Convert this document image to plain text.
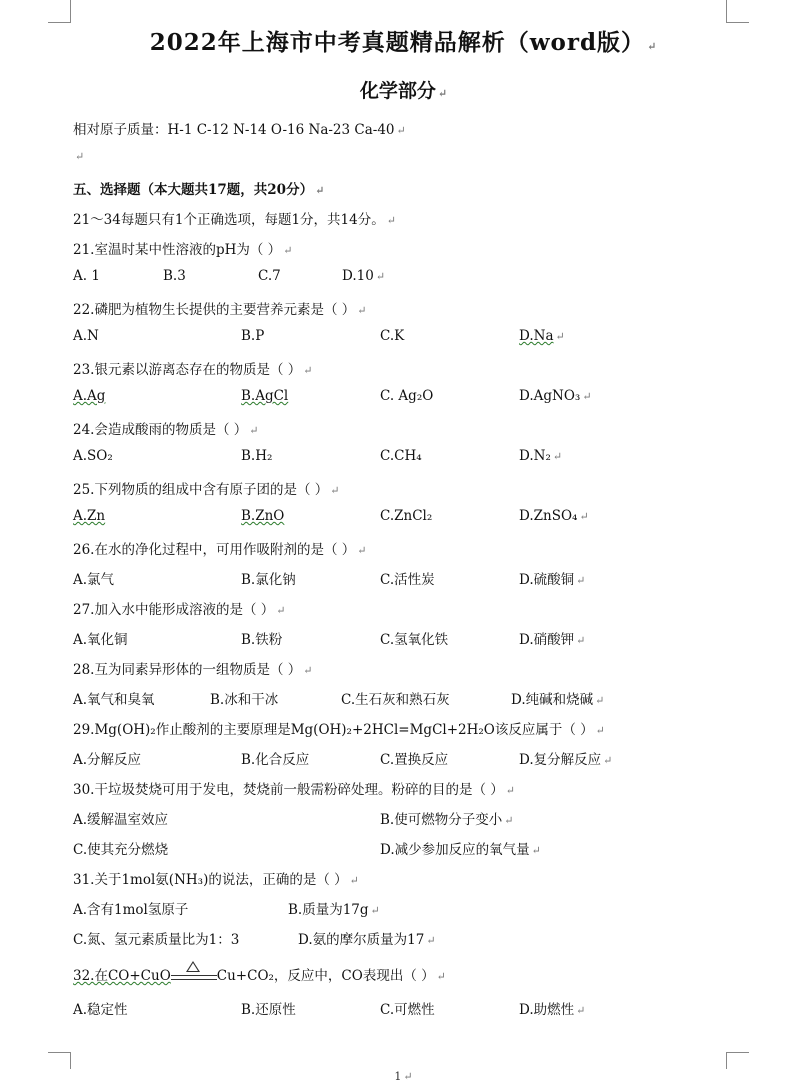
2022年上海市中考真题精品解析（word版） ↵
化学部分 ↵
相对原子质量：H-1 C-12 N-14 O-16 Na-23 Ca-40 ↵
↵
五、选择题（本大题共17题，共20分） ↵
21～34每题只有1个正确选项，每题1分，共14分。 ↵
21.室温时某中性溶液的pH为（ ） ↵
A. 1	B.3	C.7	D.10 ↵
22.磷肥为植物生长提供的主要营养元素是（ ） ↵
A.N	B.P	C.K	D.Na ↵
23.银元素以游离态存在的物质是（ ） ↵
A.Ag	B.AgCl	C. Ag₂O	D.AgNO₃ ↵
24.会造成酸雨的物质是（ ） ↵
A.SO₂	B.H₂	C.CH₄	D.N₂ ↵
25.下列物质的组成中含有原子团的是（ ） ↵
A.Zn	B.ZnO	C.ZnCl₂	D.ZnSO₄ ↵
26.在水的净化过程中，可用作吸附剂的是（ ） ↵
A.氯气	B.氯化钠	C.活性炭	D.硫酸铜 ↵
27.加入水中能形成溶液的是（ ） ↵
A.氧化铜	B.铁粉	C.氢氧化铁	D.硝酸钾 ↵
28.互为同素异形体的一组物质是（ ） ↵
A.氧气和臭氧	B.冰和干冰	C.生石灰和熟石灰	D.纯碱和烧碱 ↵
29.Mg(OH)₂作止酸剂的主要原理是Mg(OH)₂+2HCl=MgCl+2H₂O该反应属于（ ） ↵
A.分解反应	B.化合反应	C.置换反应	D.复分解反应 ↵
30.干垃圾焚烧可用于发电，焚烧前一般需粉碎处理。粉碎的目的是（ ） ↵
A.缓解温室效应	B.使可燃物分子变小 ↵
C.使其充分燃烧	D.减少参加反应的氧气量 ↵
31.关于1mol氨(NH₃)的说法，正确的是（ ） ↵
A.含有1mol氢原子	B.质量为17g ↵
C.氮、氢元素质量比为1：3	D.氨的摩尔质量为17 ↵
32.在CO+CuO	Cu+CO₂，反应中，CO表现出（ ） ↵
A.稳定性	B.还原性	C.可燃性	D.助燃性 ↵
1 ↵
